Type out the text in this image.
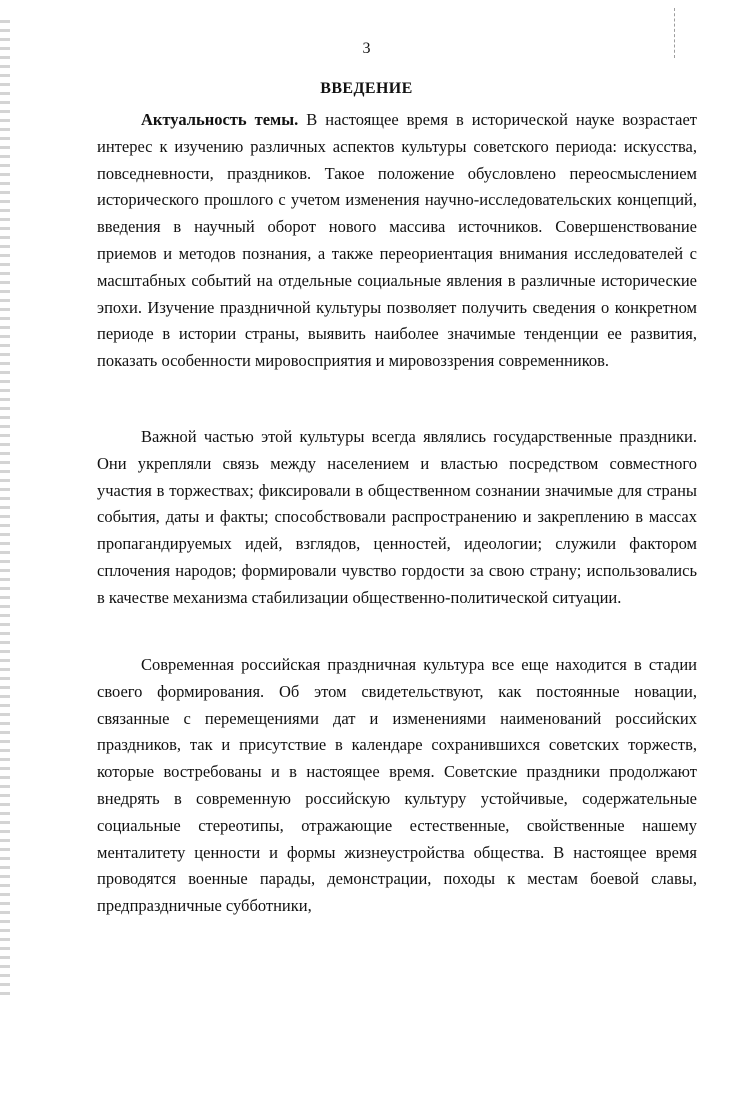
3
ВВЕДЕНИЕ
Актуальность темы. В настоящее время в исторической науке возрастает интерес к изучению различных аспектов культуры советского периода: искусства, повседневности, праздников. Такое положение обусловлено переосмыслением исторического прошлого с учетом изменения научно-исследовательских концепций, введения в научный оборот нового массива источников. Совершенствование приемов и методов познания, а также переориентация внимания исследователей с масштабных событий на отдельные социальные явления в различные исторические эпохи. Изучение праздничной культуры позволяет получить сведения о конкретном периоде в истории страны, выявить наиболее значимые тенденции ее развития, показать особенности мировосприятия и мировоззрения современников.
Важной частью этой культуры всегда являлись государственные праздники. Они укрепляли связь между населением и властью посредством совместного участия в торжествах; фиксировали в общественном сознании значимые для страны события, даты и факты; способствовали распространению и закреплению в массах пропагандируемых идей, взглядов, ценностей, идеологии; служили фактором сплочения народов; формировали чувство гордости за свою страну; использовались в качестве механизма стабилизации общественно-политической ситуации.
Современная российская праздничная культура все еще находится в стадии своего формирования. Об этом свидетельствуют, как постоянные новации, связанные с перемещениями дат и изменениями наименований российских праздников, так и присутствие в календаре сохранившихся советских торжеств, которые востребованы и в настоящее время. Советские праздники продолжают внедрять в современную российскую культуру устойчивые, содержательные социальные стереотипы, отражающие естественные, свойственные нашему менталитету ценности и формы жизнеустройства общества. В настоящее время проводятся военные парады, демонстрации, походы к местам боевой славы, предпраздничные субботники,
